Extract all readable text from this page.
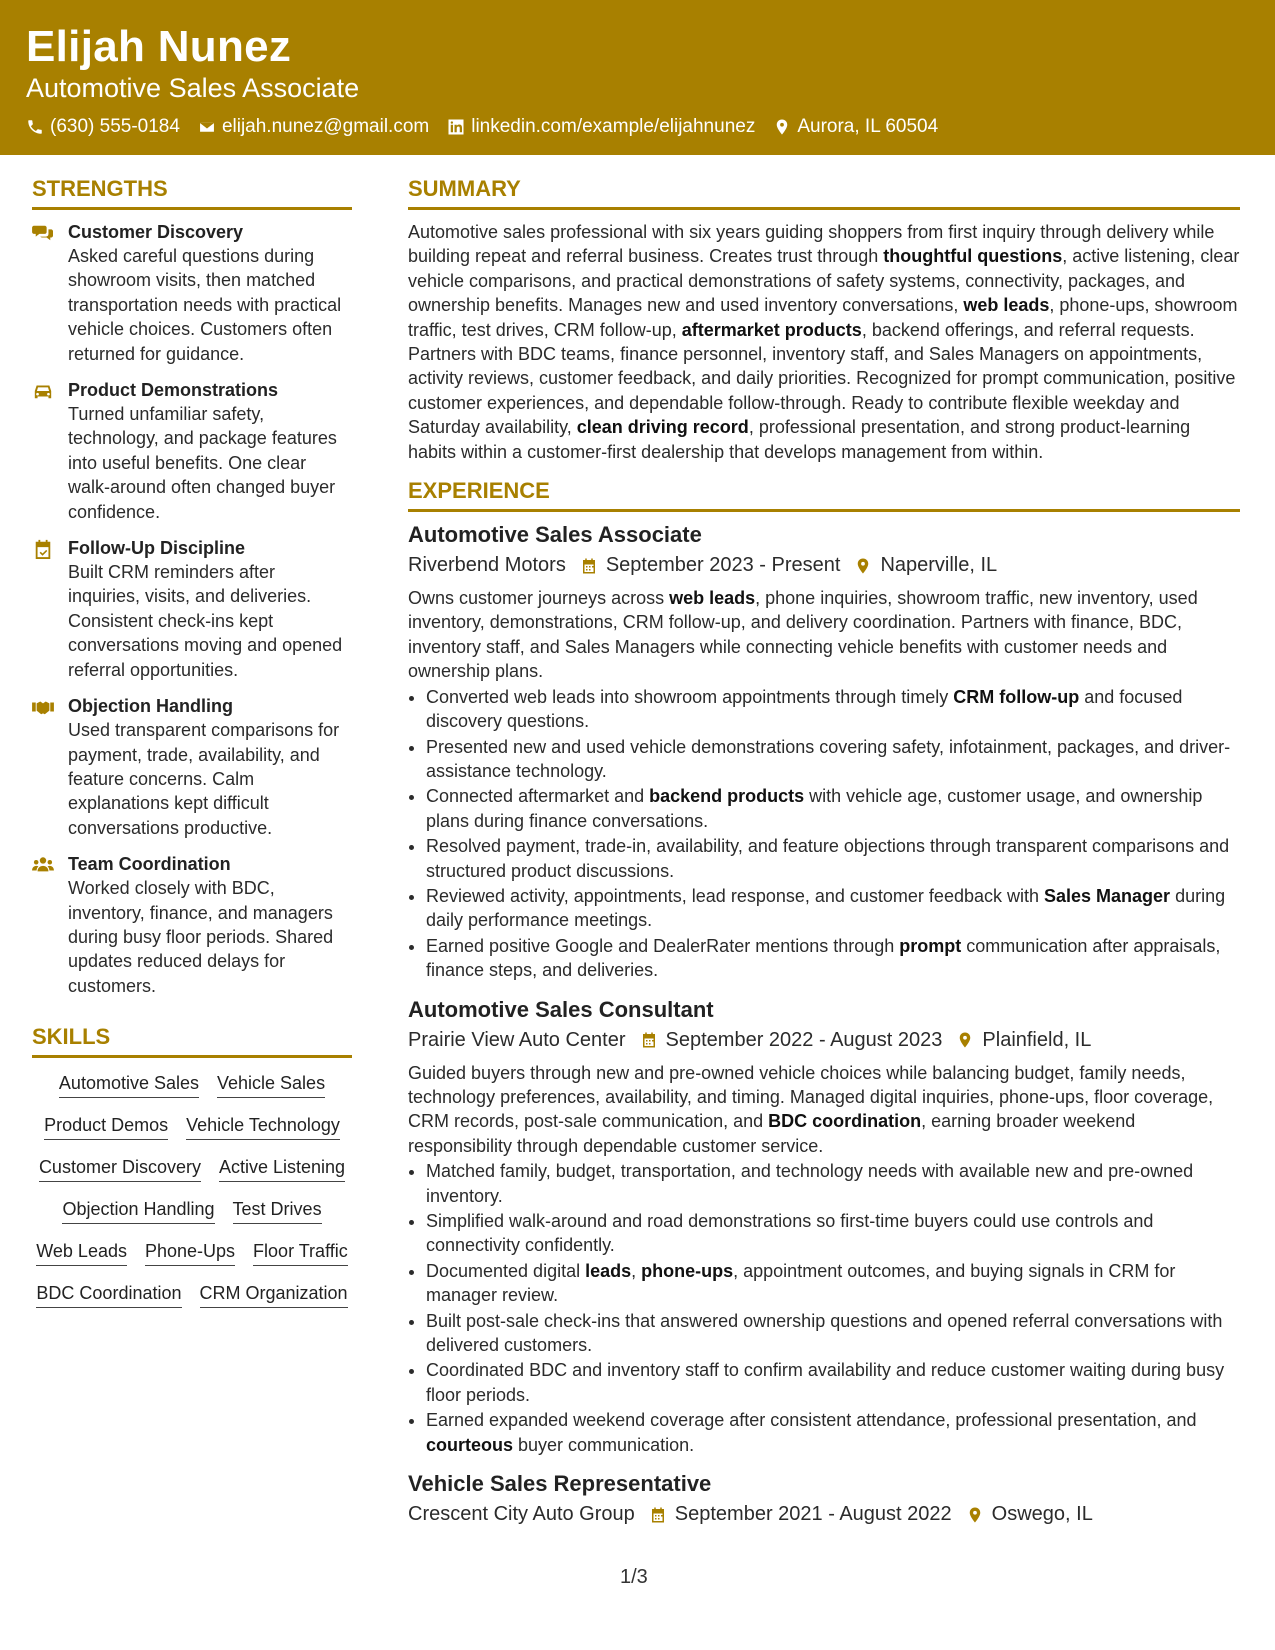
Elijah Nunez
Automotive Sales Associate
(630) 555-0184 elijah.nunez@gmail.com linkedin.com/example/elijahnunez Aurora, IL 60504
STRENGTHS
Customer Discovery
Asked careful questions during showroom visits, then matched transportation needs with practical vehicle choices. Customers often returned for guidance.
Product Demonstrations
Turned unfamiliar safety, technology, and package features into useful benefits. One clear walk-around often changed buyer confidence.
Follow-Up Discipline
Built CRM reminders after inquiries, visits, and deliveries. Consistent check-ins kept conversations moving and opened referral opportunities.
Objection Handling
Used transparent comparisons for payment, trade, availability, and feature concerns. Calm explanations kept difficult conversations productive.
Team Coordination
Worked closely with BDC, inventory, finance, and managers during busy floor periods. Shared updates reduced delays for customers.
SKILLS
Automotive Sales Vehicle Sales
Product Demos Vehicle Technology
Customer Discovery Active Listening
Objection Handling Test Drives
Web Leads Phone-Ups Floor Traffic
BDC Coordination CRM Organization
SUMMARY
Automotive sales professional with six years guiding shoppers from first inquiry through delivery while building repeat and referral business. Creates trust through thoughtful questions, active listening, clear vehicle comparisons, and practical demonstrations of safety systems, connectivity, packages, and ownership benefits. Manages new and used inventory conversations, web leads, phone-ups, showroom traffic, test drives, CRM follow-up, aftermarket products, backend offerings, and referral requests. Partners with BDC teams, finance personnel, inventory staff, and Sales Managers on appointments, activity reviews, customer feedback, and daily priorities. Recognized for prompt communication, positive customer experiences, and dependable follow-through. Ready to contribute flexible weekday and Saturday availability, clean driving record, professional presentation, and strong product-learning habits within a customer-first dealership that develops management from within.
EXPERIENCE
Automotive Sales Associate
Riverbend Motors September 2023 - Present Naperville, IL
Owns customer journeys across web leads, phone inquiries, showroom traffic, new inventory, used inventory, demonstrations, CRM follow-up, and delivery coordination. Partners with finance, BDC, inventory staff, and Sales Managers while connecting vehicle benefits with customer needs and ownership plans.
• Converted web leads into showroom appointments through timely CRM follow-up and focused discovery questions.
• Presented new and used vehicle demonstrations covering safety, infotainment, packages, and driver-assistance technology.
• Connected aftermarket and backend products with vehicle age, customer usage, and ownership plans during finance conversations.
• Resolved payment, trade-in, availability, and feature objections through transparent comparisons and structured product discussions.
• Reviewed activity, appointments, lead response, and customer feedback with Sales Manager during daily performance meetings.
• Earned positive Google and DealerRater mentions through prompt communication after appraisals, finance steps, and deliveries.
Automotive Sales Consultant
Prairie View Auto Center September 2022 - August 2023 Plainfield, IL
Guided buyers through new and pre-owned vehicle choices while balancing budget, family needs, technology preferences, availability, and timing. Managed digital inquiries, phone-ups, floor coverage, CRM records, post-sale communication, and BDC coordination, earning broader weekend responsibility through dependable customer service.
• Matched family, budget, transportation, and technology needs with available new and pre-owned inventory.
• Simplified walk-around and road demonstrations so first-time buyers could use controls and connectivity confidently.
• Documented digital leads, phone-ups, appointment outcomes, and buying signals in CRM for manager review.
• Built post-sale check-ins that answered ownership questions and opened referral conversations with delivered customers.
• Coordinated BDC and inventory staff to confirm availability and reduce customer waiting during busy floor periods.
• Earned expanded weekend coverage after consistent attendance, professional presentation, and courteous buyer communication.
Vehicle Sales Representative
Crescent City Auto Group September 2021 - August 2022 Oswego, IL
1/3
